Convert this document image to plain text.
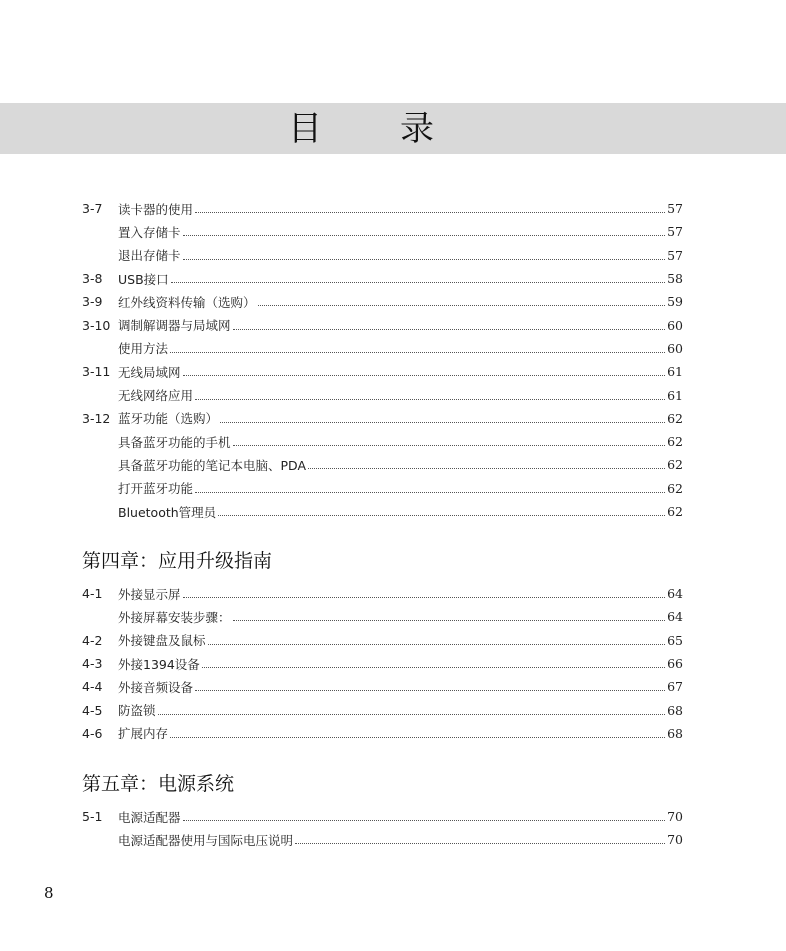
目 录
3-7	读卡器的使用	57
置入存储卡	57
退出存储卡	57
3-8	USB接口	58
3-9	红外线资料传输（选购）	59
3-10 调制解调器与局域网	60
使用方法	60
3-11 无线局域网	61
无线网络应用	61
3-12 蓝牙功能（选购）	62
具备蓝牙功能的手机	62
具备蓝牙功能的笔记本电脑、PDA	62
打开蓝牙功能	62
Bluetooth管理员	62
第四章：应用升级指南
4-1	外接显示屏	64
外接屏幕安装步骤：	64
4-2	外接键盘及鼠标	65
4-3	外接1394设备	66
4-4	外接音频设备	67
4-5	防盗锁	68
4-6	扩展内存	68
第五章：电源系统
5-1	电源适配器	70
电源适配器使用与国际电压说明	70
8
